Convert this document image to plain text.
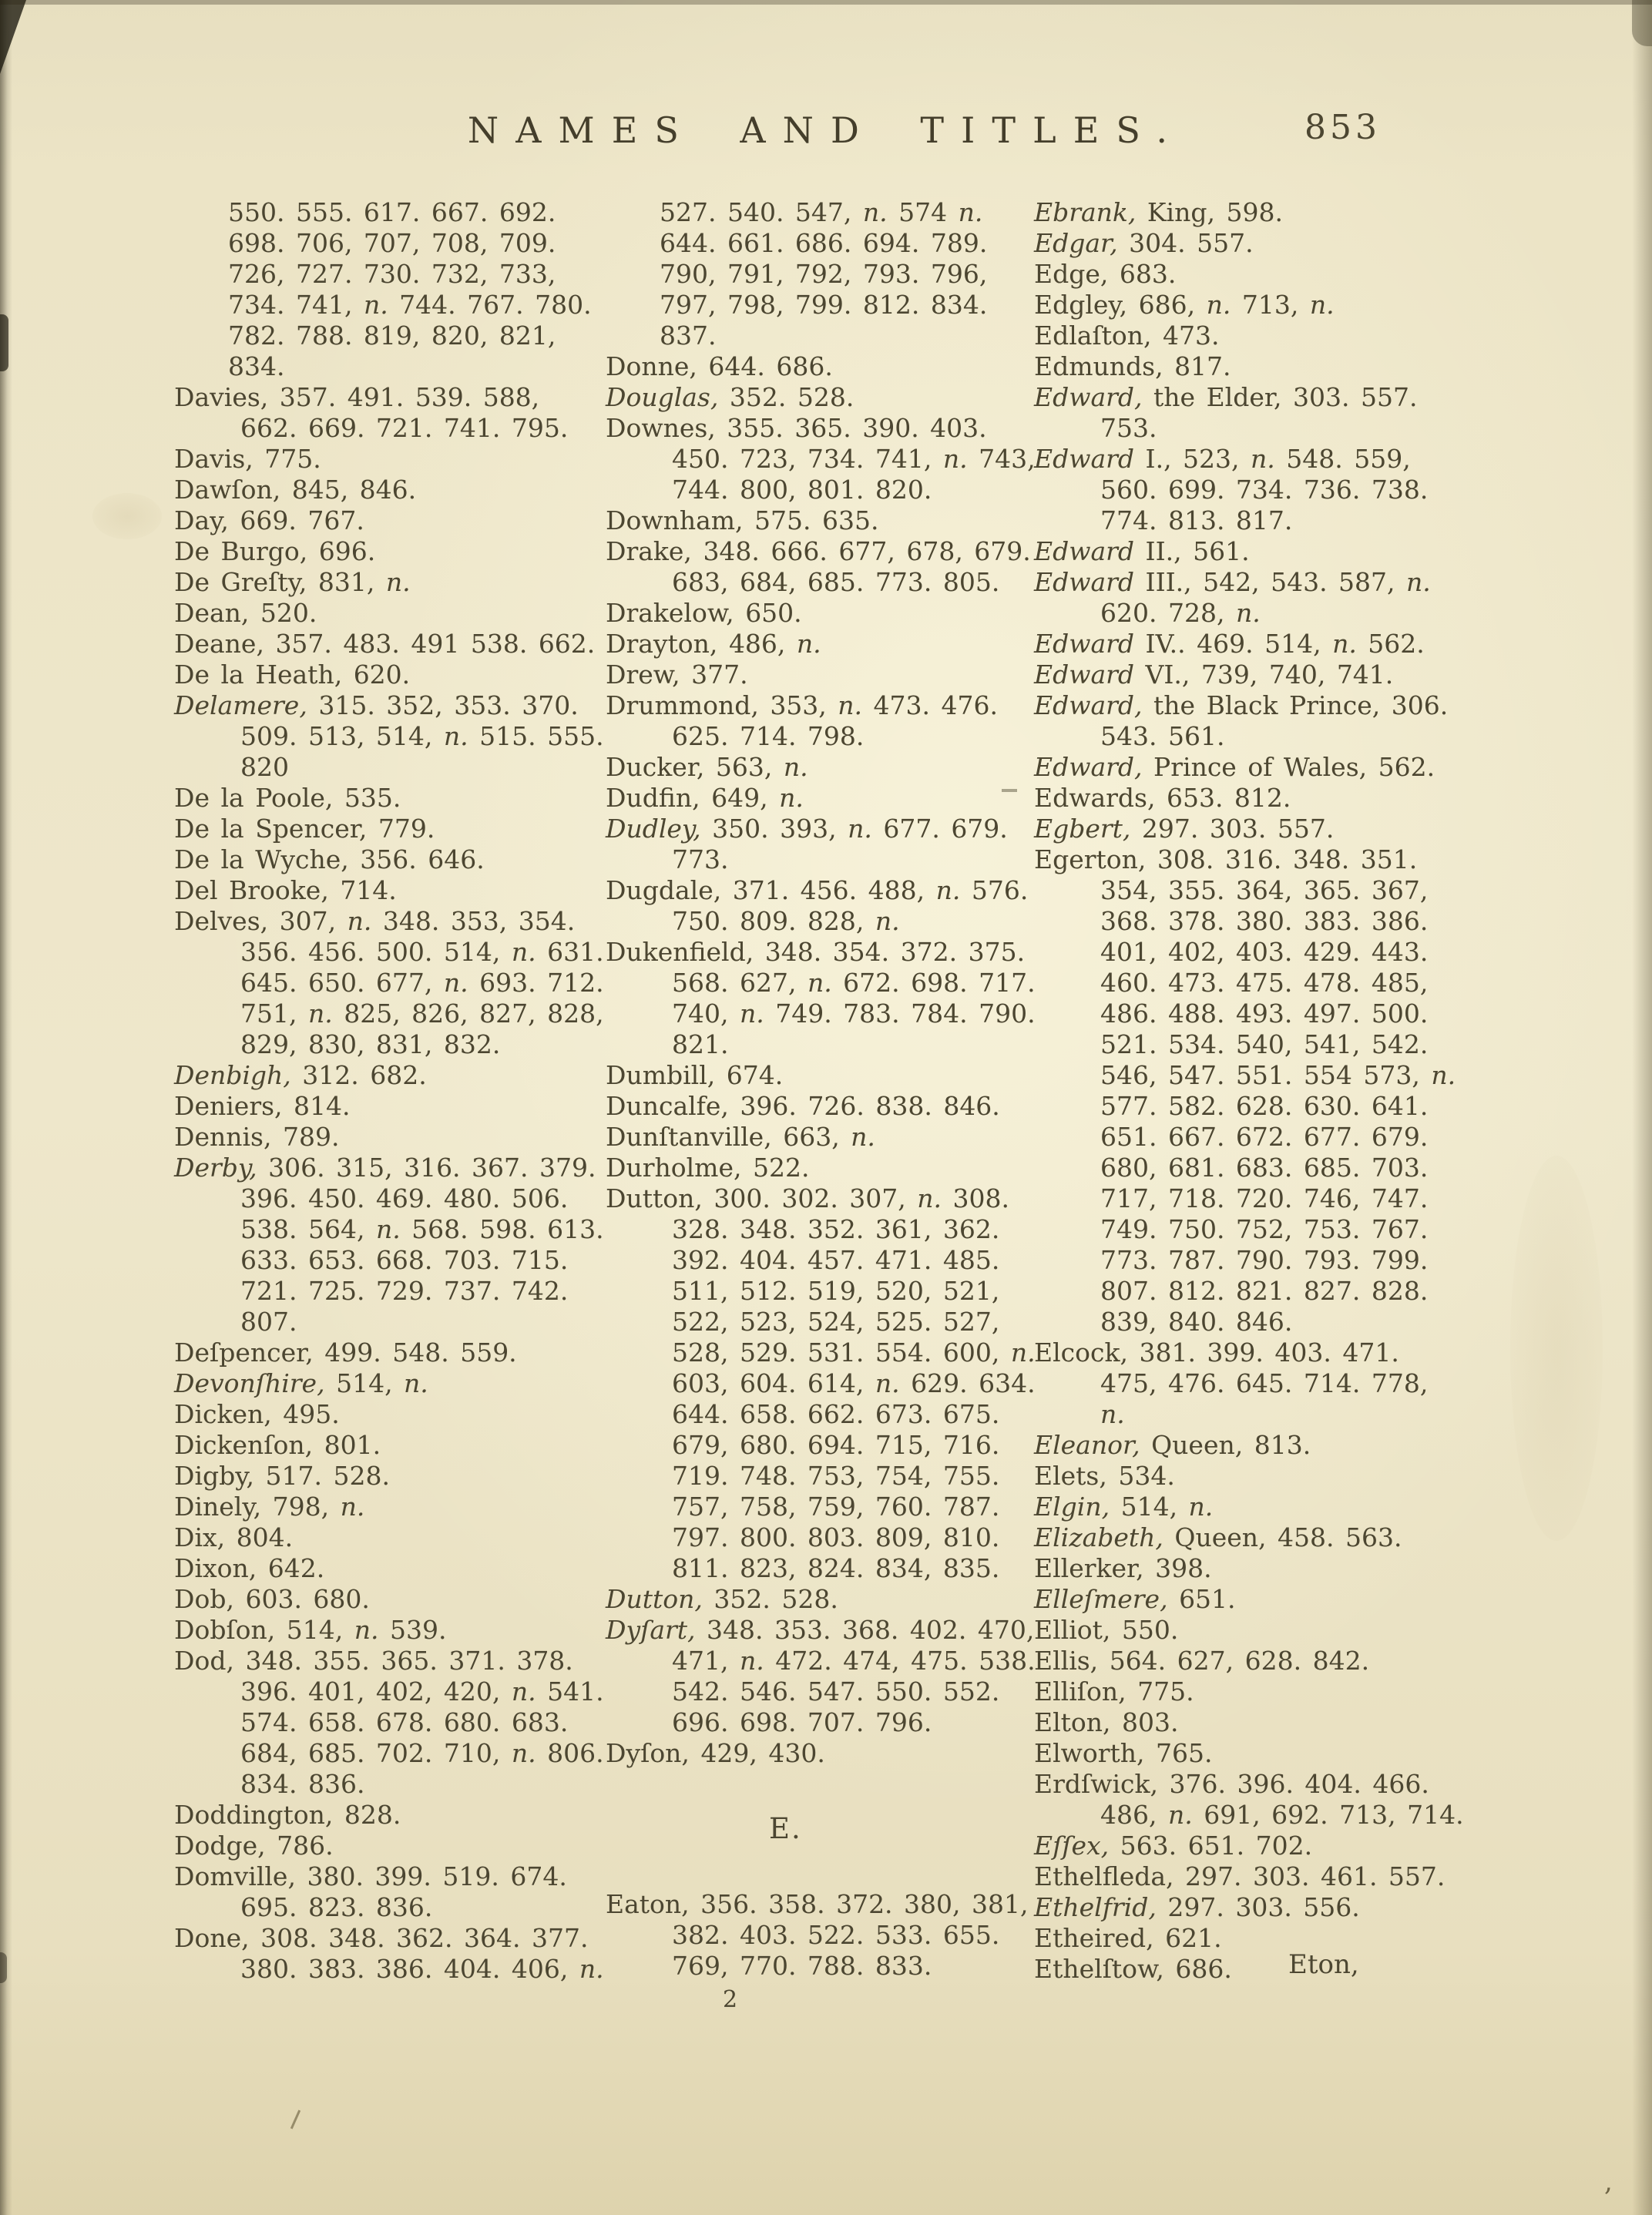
,
NAMES AND TITLES.	853
550. 555. 617. 667. 692.
698. 706, 707, 708, 709.
726, 727. 730. 732, 733,
734. 741, n. 744. 767. 780.
782. 788. 819, 820, 821,
834.
Davies, 357. 491. 539. 588,
662. 669. 721. 741. 795.
Davis, 775.
Dawſon, 845, 846.
Day, 669. 767.
De Burgo, 696.
De Greſty, 831, n.
Dean, 520.
Deane, 357. 483. 491 538. 662.
De la Heath, 620.
Delamere, 315. 352, 353. 370.
509. 513, 514, n. 515. 555.
820
De la Poole, 535.
De la Spencer, 779.
De la Wyche, 356. 646.
Del Brooke, 714.
Delves, 307, n. 348. 353, 354.
356. 456. 500. 514, n. 631.
645. 650. 677, n. 693. 712.
751, n. 825, 826, 827, 828,
829, 830, 831, 832.
Denbigh, 312. 682.
Deniers, 814.
Dennis, 789.
Derby, 306. 315, 316. 367. 379.
396. 450. 469. 480. 506.
538. 564, n. 568. 598. 613.
633. 653. 668. 703. 715.
721. 725. 729. 737. 742.
807.
Deſpencer, 499. 548. 559.
Devonſhire, 514, n.
Dicken, 495.
Dickenſon, 801.
Digby, 517. 528.
Dinely, 798, n.
Dix, 804.
Dixon, 642.
Dob, 603. 680.
Dobſon, 514, n. 539.
Dod, 348. 355. 365. 371. 378.
396. 401, 402, 420, n. 541.
574. 658. 678. 680. 683.
684, 685. 702. 710, n. 806.
834. 836.
Doddington, 828.
Dodge, 786.
Domville, 380. 399. 519. 674.
695. 823. 836.
Done, 308. 348. 362. 364. 377.
380. 383. 386. 404. 406, n.
527. 540. 547, n. 574 n.
644. 661. 686. 694. 789.
790, 791, 792, 793. 796,
797, 798, 799. 812. 834.
837.
Donne, 644. 686.
Douglas, 352. 528.
Downes, 355. 365. 390. 403.
450. 723, 734. 741, n. 743,
744. 800, 801. 820.
Downham, 575. 635.
Drake, 348. 666. 677, 678, 679.
683, 684, 685. 773. 805.
Drakelow, 650.
Drayton, 486, n.
Drew, 377.
Drummond, 353, n. 473. 476.
625. 714. 798.
Ducker, 563, n.
Dudfin, 649, n.
Dudley, 350. 393, n. 677. 679.
773.
Dugdale, 371. 456. 488, n. 576.
750. 809. 828, n.
Dukenfield, 348. 354. 372. 375.
568. 627, n. 672. 698. 717.
740, n. 749. 783. 784. 790.
821.
Dumbill, 674.
Duncalfe, 396. 726. 838. 846.
Dunſtanville, 663, n.
Durholme, 522.
Dutton, 300. 302. 307, n. 308.
328. 348. 352. 361, 362.
392. 404. 457. 471. 485.
511, 512. 519, 520, 521,
522, 523, 524, 525. 527,
528, 529. 531. 554. 600, n.
603, 604. 614, n. 629. 634.
644. 658. 662. 673. 675.
679, 680. 694. 715, 716.
719. 748. 753, 754, 755.
757, 758, 759, 760. 787.
797. 800. 803. 809, 810.
811. 823, 824. 834, 835.
Dutton, 352. 528.
Dyſart, 348. 353. 368. 402. 470,
471, n. 472. 474, 475. 538.
542. 546. 547. 550. 552.
696. 698. 707. 796.
Dyſon, 429, 430.
E.
Eaton, 356. 358. 372. 380, 381,
382. 403. 522. 533. 655.
769, 770. 788. 833.
2
Ebrank, King, 598.
Edgar, 304. 557.
Edge, 683.
Edgley, 686, n. 713, n.
Edlaſton, 473.
Edmunds, 817.
Edward, the Elder, 303. 557.
753.
Edward I., 523, n. 548. 559,
560. 699. 734. 736. 738.
774. 813. 817.
Edward II., 561.
Edward III., 542, 543. 587, n.
620. 728, n.
Edward IV.. 469. 514, n. 562.
Edward VI., 739, 740, 741.
Edward, the Black Prince, 306.
543. 561.
Edward, Prince of Wales, 562.
Edwards, 653. 812.
Egbert, 297. 303. 557.
Egerton, 308. 316. 348. 351.
354, 355. 364, 365. 367,
368. 378. 380. 383. 386.
401, 402, 403. 429. 443.
460. 473. 475. 478. 485,
486. 488. 493. 497. 500.
521. 534. 540, 541, 542.
546, 547. 551. 554 573, n.
577. 582. 628. 630. 641.
651. 667. 672. 677. 679.
680, 681. 683. 685. 703.
717, 718. 720. 746, 747.
749. 750. 752, 753. 767.
773. 787. 790. 793. 799.
807. 812. 821. 827. 828.
839, 840. 846.
Elcock, 381. 399. 403. 471.
475, 476. 645. 714. 778,
n.
Eleanor, Queen, 813.
Elets, 534.
Elgin, 514, n.
Elizabeth, Queen, 458. 563.
Ellerker, 398.
Elleſmere, 651.
Elliot, 550.
Ellis, 564. 627, 628. 842.
Elliſon, 775.
Elton, 803.
Elworth, 765.
Erdſwick, 376. 396. 404. 466.
486, n. 691, 692. 713, 714.
Eſſex, 563. 651. 702.
Ethelfleda, 297. 303. 461. 557.
Ethelfrid, 297. 303. 556.
Etheired, 621.
Ethelſtow, 686.	Eton,
